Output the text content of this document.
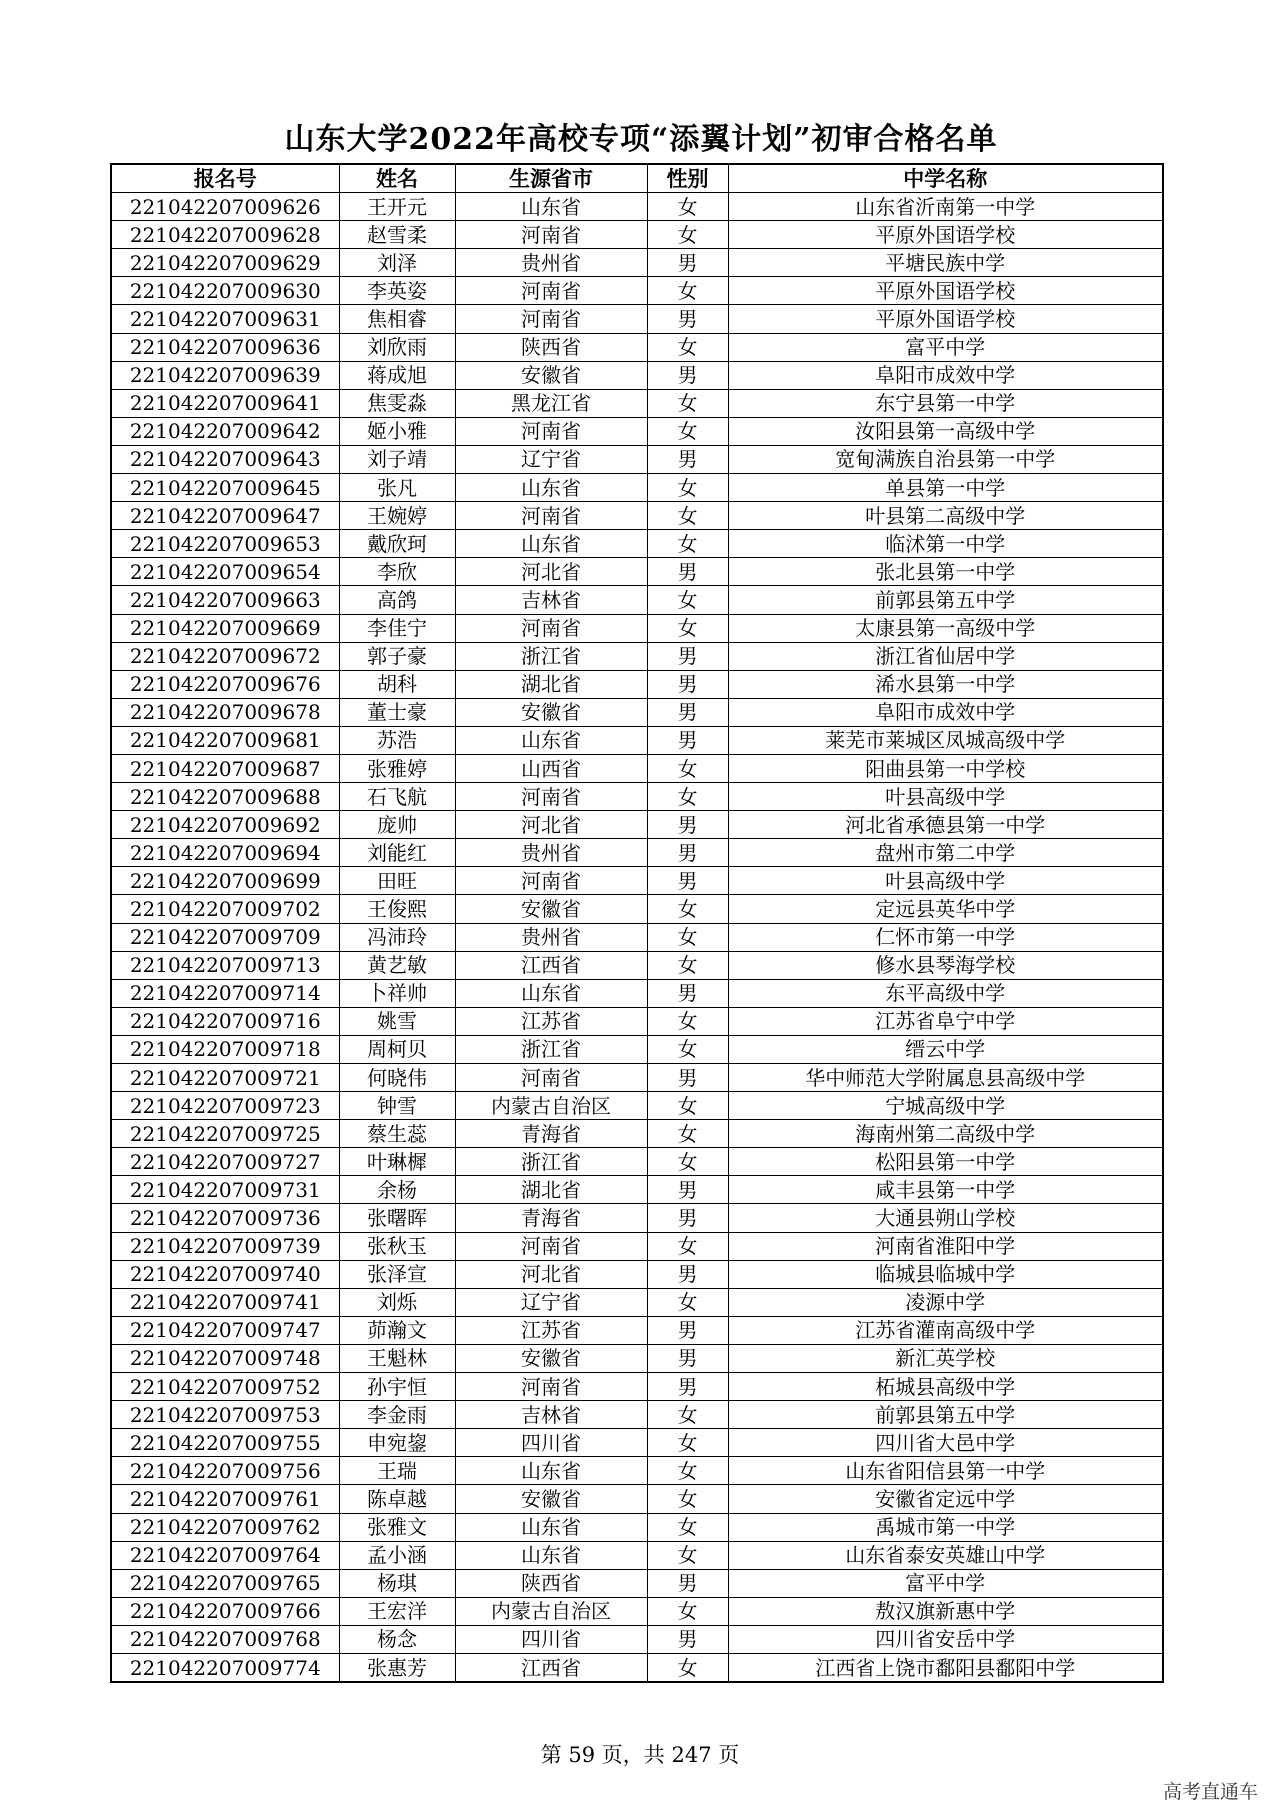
山东大学2022年高校专项“添翼计划”初审合格名单
报名号	姓名	生源省市	性别	中学名称
221042207009626	王开元	山东省	女	山东省沂南第一中学
221042207009628	赵雪柔	河南省	女	平原外国语学校
221042207009629	刘泽	贵州省	男	平塘民族中学
221042207009630	李英姿	河南省	女	平原外国语学校
221042207009631	焦相睿	河南省	男	平原外国语学校
221042207009636	刘欣雨	陕西省	女	富平中学
221042207009639	蒋成旭	安徽省	男	阜阳市成效中学
221042207009641	焦雯淼	黑龙江省	女	东宁县第一中学
221042207009642	姬小雅	河南省	女	汝阳县第一高级中学
221042207009643	刘子靖	辽宁省	男	宽甸满族自治县第一中学
221042207009645	张凡	山东省	女	单县第一中学
221042207009647	王婉婷	河南省	女	叶县第二高级中学
221042207009653	戴欣珂	山东省	女	临沭第一中学
221042207009654	李欣	河北省	男	张北县第一中学
221042207009663	高鸽	吉林省	女	前郭县第五中学
221042207009669	李佳宁	河南省	女	太康县第一高级中学
221042207009672	郭子豪	浙江省	男	浙江省仙居中学
221042207009676	胡科	湖北省	男	浠水县第一中学
221042207009678	董士豪	安徽省	男	阜阳市成效中学
221042207009681	苏浩	山东省	男	莱芜市莱城区凤城高级中学
221042207009687	张雅婷	山西省	女	阳曲县第一中学校
221042207009688	石飞航	河南省	女	叶县高级中学
221042207009692	庞帅	河北省	男	河北省承德县第一中学
221042207009694	刘能红	贵州省	男	盘州市第二中学
221042207009699	田旺	河南省	男	叶县高级中学
221042207009702	王俊熙	安徽省	女	定远县英华中学
221042207009709	冯沛玲	贵州省	女	仁怀市第一中学
221042207009713	黄艺敏	江西省	女	修水县琴海学校
221042207009714	卜祥帅	山东省	男	东平高级中学
221042207009716	姚雪	江苏省	女	江苏省阜宁中学
221042207009718	周柯贝	浙江省	女	缙云中学
221042207009721	何晓伟	河南省	男	华中师范大学附属息县高级中学
221042207009723	钟雪	内蒙古自治区	女	宁城高级中学
221042207009725	蔡生蕊	青海省	女	海南州第二高级中学
221042207009727	叶琳樨	浙江省	女	松阳县第一中学
221042207009731	余杨	湖北省	男	咸丰县第一中学
221042207009736	张曙晖	青海省	男	大通县朔山学校
221042207009739	张秋玉	河南省	女	河南省淮阳中学
221042207009740	张泽宣	河北省	男	临城县临城中学
221042207009741	刘烁	辽宁省	女	凌源中学
221042207009747	茆瀚文	江苏省	男	江苏省灌南高级中学
221042207009748	王魁林	安徽省	男	新汇英学校
221042207009752	孙宇恒	河南省	男	柘城县高级中学
221042207009753	李金雨	吉林省	女	前郭县第五中学
221042207009755	申宛鋆	四川省	女	四川省大邑中学
221042207009756	王瑞	山东省	女	山东省阳信县第一中学
221042207009761	陈卓越	安徽省	女	安徽省定远中学
221042207009762	张雅文	山东省	女	禹城市第一中学
221042207009764	孟小涵	山东省	女	山东省泰安英雄山中学
221042207009765	杨琪	陕西省	男	富平中学
221042207009766	王宏洋	内蒙古自治区	女	敖汉旗新惠中学
221042207009768	杨念	四川省	男	四川省安岳中学
221042207009774	张惠芳	江西省	女	江西省上饶市鄱阳县鄱阳中学
第 59 页，共 247 页
高考直通车
